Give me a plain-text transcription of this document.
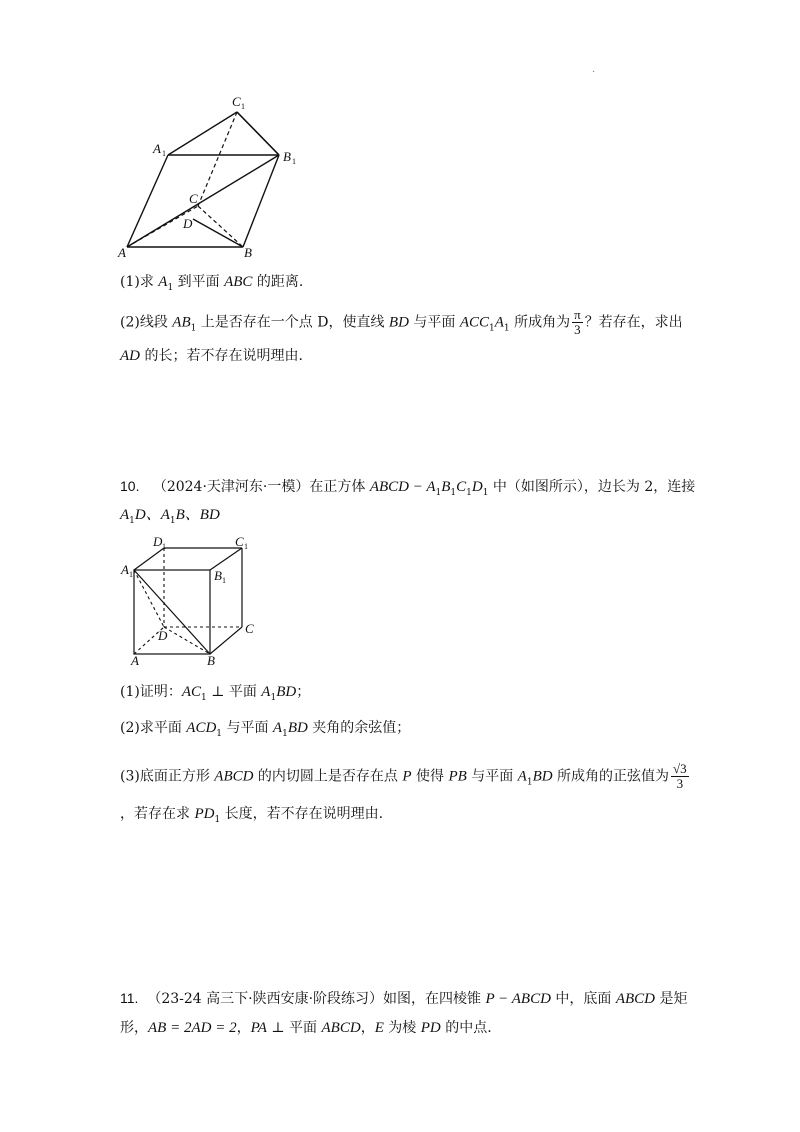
.
C 1
A 1	B 1
C
D
A	B
(1)求 $A_1$ 到平面 ABC 的距离.
(2)线段 $AB_1$ 上是否存在一个点 D，使直线 BD 与平面 $ACC_1A_1$ 所成角为 $\frac{\pi}{3}$ ？若存在，求出
AD 的长；若不存在说明理由.
10. （2024·天津河东·一模）在正方体 ABCD − $A_1B_1C_1D_1$ 中（如图所示），边长为 2，连接
$A_1D$、$A_1B$、BD
D 1	C 1
A 1	B 1
D	C
A	B
(1)证明：$AC_1$ ⊥ 平面 $A_1BD$；
(2)求平面 $ACD_1$ 与平面 $A_1BD$ 夹角的余弦值；
(3)底面正方形 ABCD 的内切圆上是否存在点 P 使得 PB 与平面 $A_1BD$ 所成角的正弦值为 $\frac{√3}{3}$
，若存在求 $PD_1$ 长度，若不存在说明理由.
11. （23-24 高三下·陕西安康·阶段练习）如图，在四棱锥 P − ABCD 中，底面 ABCD 是矩
形，AB = 2AD = 2，PA ⊥ 平面 ABCD，E 为棱 PD 的中点.
